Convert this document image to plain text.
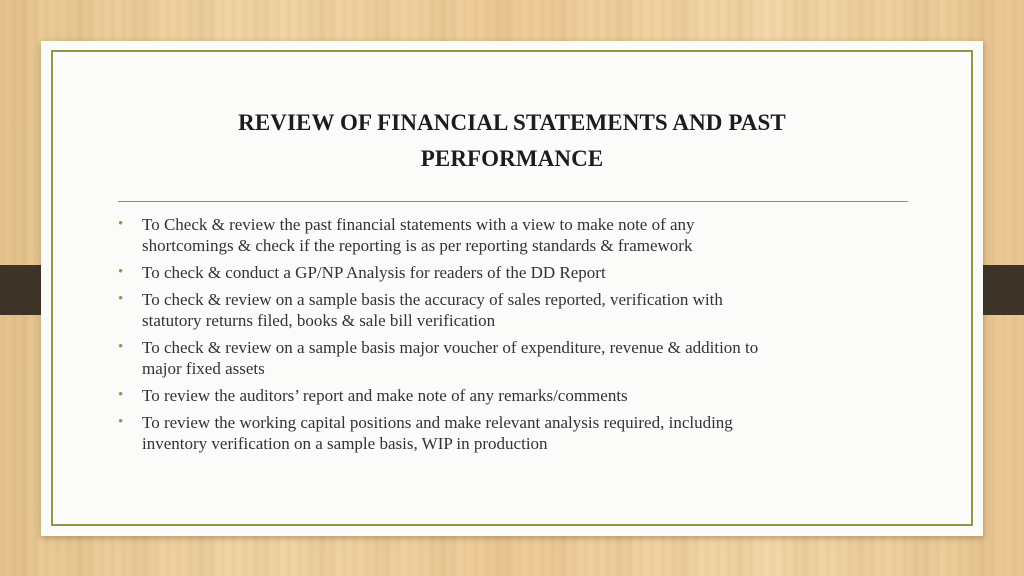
REVIEW OF FINANCIAL STATEMENTS AND PAST
PERFORMANCE
• To Check & review the past financial statements with a view to make note of any
shortcomings & check if the reporting is as per reporting standards & framework
• To check & conduct a GP/NP Analysis for readers of the DD Report
• To check & review on a sample basis the accuracy of sales reported, verification with
statutory returns filed, books & sale bill verification
• To check & review on a sample basis major voucher of expenditure, revenue & addition to
major fixed assets
• To review the auditors’ report and make note of any remarks/comments
• To review the working capital positions and make relevant analysis required, including
inventory verification on a sample basis, WIP in production
